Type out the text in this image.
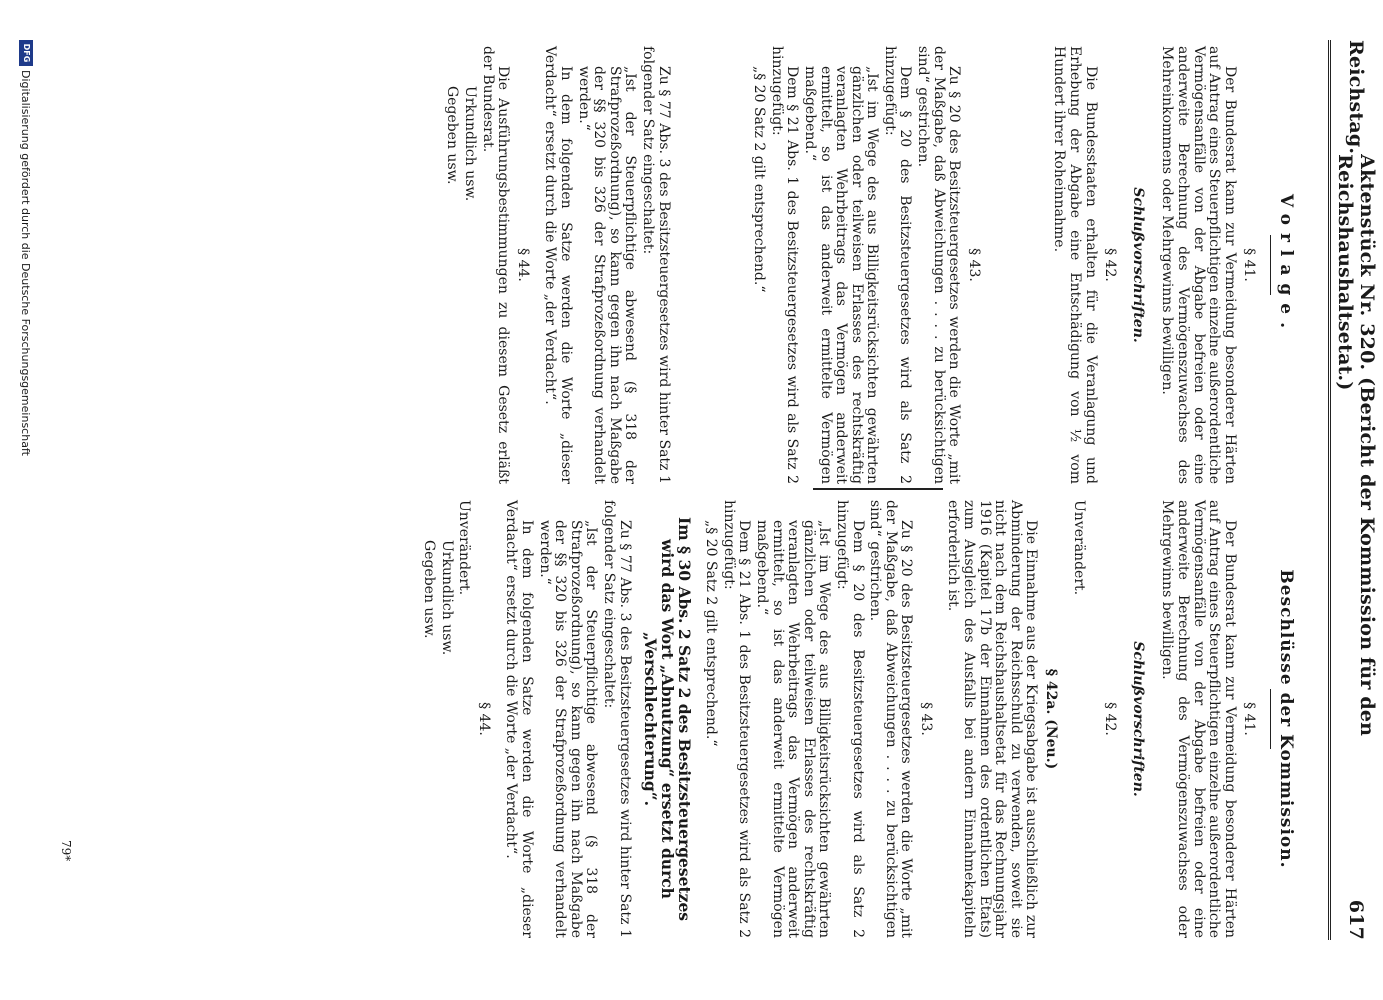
Reichstag.
Aktenstück Nr. 320. (Bericht der Kommission für den Reichshaushaltsetat.)
617
Vorlage.
§ 41.

Der Bundesrat kann zur Vermeidung besonderer Härten auf Antrag eines Steuerpflichtigen einzelne außerordentliche Vermögensanfälle von der Abgabe befreien oder eine anderweite Berechnung des Vermögenszuwachses des Mehreinkommens oder Mehrgewinns bewilligen.

Schlußvorschriften.
§ 42.

Die Bundesstaaten erhalten für die Veranlagung und Erhebung der Abgabe eine Entschädigung von ½ vom Hundert ihrer Roheinnahme.

§ 43.

Zu § 20 des Besitzsteuergesetzes werden die Worte „mit der Maßgabe, daß Abweichungen . . . . zu berücksichtigen sind“ gestrichen.

Dem § 20 des Besitzsteuergesetzes wird als Satz 2 hinzugefügt:

„Ist im Wege des aus Billigkeitsrücksichten gewährten gänzlichen oder teilweisen Erlasses des rechtskräftig veranlagten Wehrbeitrags das Vermögen anderweit ermittelt, so ist das anderweit ermittelte Vermögen maßgebend.“

Dem § 21 Abs. 1 des Besitzsteuergesetzes wird als Satz 2 hinzugefügt:

„§ 20 Satz 2 gilt entsprechend.“

Zu § 77 Abs. 3 des Besitzsteuergesetzes wird hinter Satz 1 folgender Satz eingeschaltet:

„Ist der Steuerpflichtige abwesend (§ 318 der Strafprozeßordnung), so kann gegen ihn nach Maßgabe der §§ 320 bis 326 der Strafprozeßordnung verhandelt werden.“

In dem folgenden Satze werden die Worte „dieser Verdacht“ ersetzt durch die Worte „der Verdacht“.

§ 44.

Die Ausführungsbestimmungen zu diesem Gesetz erläßt der Bundesrat.

Urkundlich usw.

Gegeben usw.

Beschlüsse der Kommission.
§ 41.

Der Bundesrat kann zur Vermeidung besonderer Härten auf Antrag eines Steuerpflichtigen einzelne außerordentliche Vermögensanfälle von der Abgabe befreien oder eine anderweite Berechnung des Vermögenszuwachses oder Mehrgewinns bewilligen.

Schlußvorschriften.
§ 42.

Unverändert.

§ 42a. (Neu.)

Die Einnahme aus der Kriegsabgabe ist ausschließlich zur Abminderung der Reichsschuld zu verwenden, soweit sie nicht nach dem Reichshaushaltsetat für das Rechnungsjahr 1916 (Kapitel 17b der Einnahmen des ordentlichen Etats) zum Ausgleich des Ausfalls bei andern Einnahmekapiteln erforderlich ist.

§ 43.

Zu § 20 des Besitzsteuergesetzes werden die Worte „mit der Maßgabe, daß Abweichungen . . . . zu berücksichtigen sind“ gestrichen.

Dem § 20 des Besitzsteuergesetzes wird als Satz 2 hinzugefügt:

„Ist im Wege des aus Billigkeitsrücksichten gewährten gänzlichen oder teilweisen Erlasses des rechtskräftig veranlagten Wehrbeitrags das Vermögen anderweit ermittelt, so ist das anderweit ermittelte Vermögen maßgebend.“

Dem § 21 Abs. 1 des Besitzsteuergesetzes wird als Satz 2 hinzugefügt:

„§ 20 Satz 2 gilt entsprechend.“

Im § 30 Abs. 2 Satz 2 des Besitzsteuergesetzes wird das Wort „Abnutzung“ ersetzt durch „Verschlechterung“.

Zu § 77 Abs. 3 des Besitzsteuergesetzes wird hinter Satz 1 folgender Satz eingeschaltet:

„Ist der Steuerpflichtige abwesend (§ 318 der Strafprozeßordnung), so kann gegen ihn nach Maßgabe der §§ 320 bis 326 der Strafprozeßordnung verhandelt werden.“

In dem folgenden Satze werden die Worte „dieser Verdacht“ ersetzt durch die Worte „der Verdacht“.

§ 44.

Unverändert.

Urkundlich usw.

Gegeben usw.

79*
DFG
Digitalisierung gefördert durch die Deutsche Forschungsgemeinschaft
